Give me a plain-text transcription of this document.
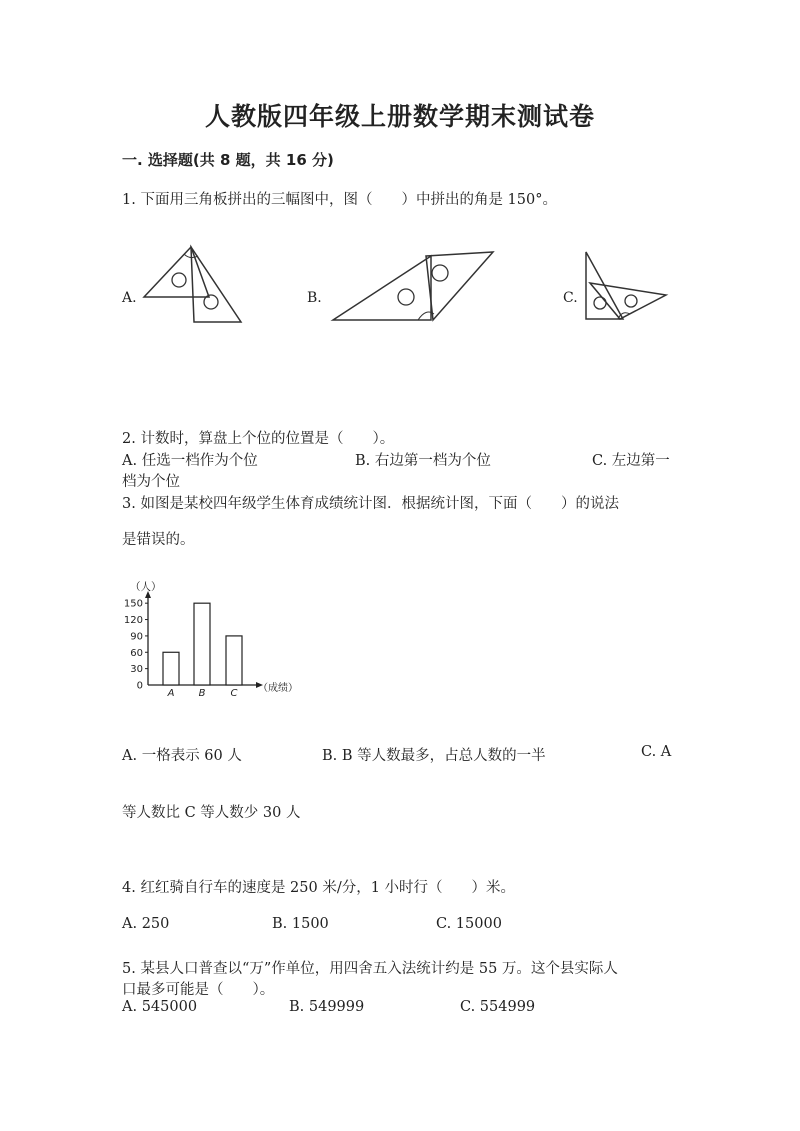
人教版四年级上册数学期末测试卷
一. 选择题(共 8 题，共 16 分)
1. 下面用三角板拼出的三幅图中，图（　　）中拼出的角是 150°。
A.	B.	C.
2. 计数时，算盘上个位的位置是（　　）。
A. 任选一档作为个位	B. 右边第一档为个位	C. 左边第一
档为个位
3. 如图是某校四年级学生体育成绩统计图．根据统计图，下面（　　）的说法
是错误的。
0
30
60
90
120
150
A B	C
（人）
（成绩）
A. 一格表示 60 人	B. B 等人数最多，占总人数的一半	C. A
等人数比 C 等人数少 30 人
4. 红红骑自行车的速度是 250 米/分，1 小时行（　　）米。
A. 250	B. 1500	C. 15000
5. 某县人口普查以“万”作单位，用四舍五入法统计约是 55 万。这个县实际人
口最多可能是（　　）。
A. 545000	B. 549999	C. 554999
